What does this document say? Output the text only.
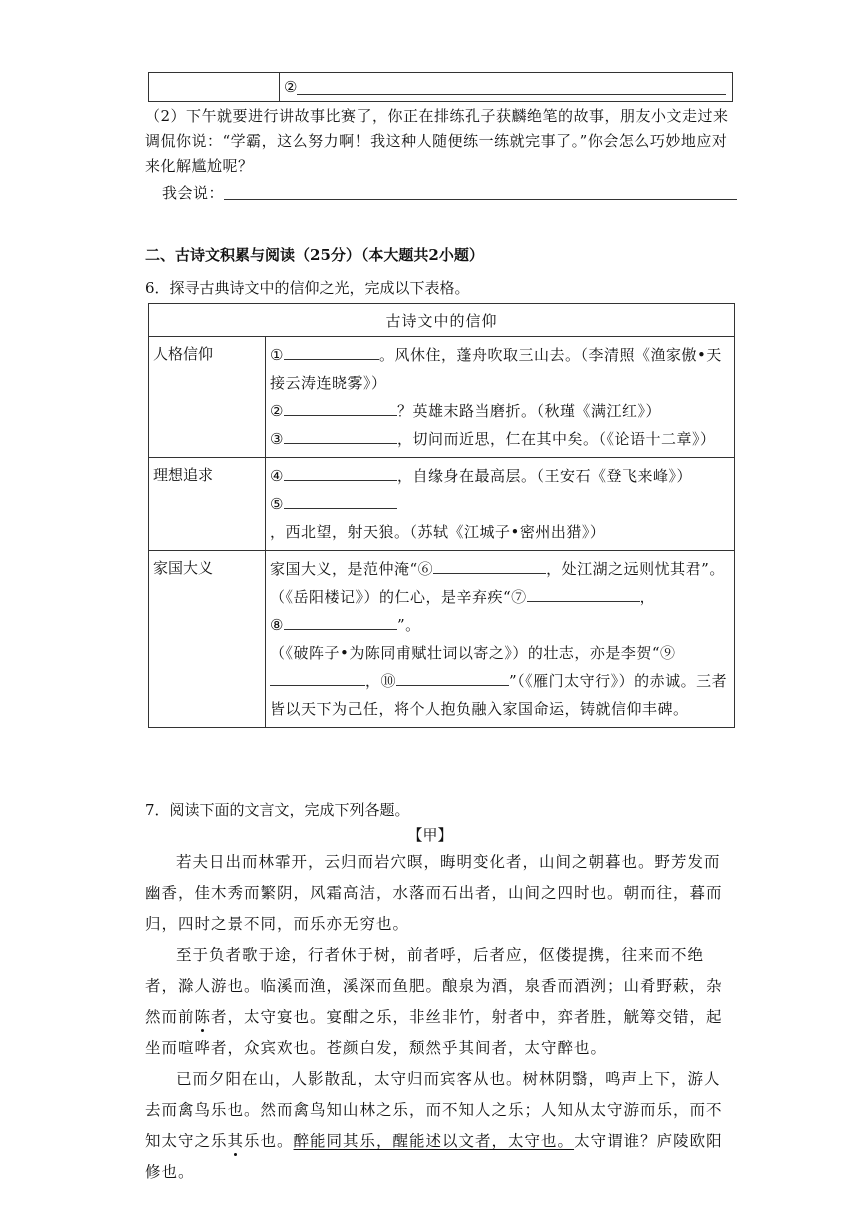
②
（2）下午就要进行讲故事比赛了，你正在排练孔子获麟绝笔的故事，朋友小文走过来调侃你说：“学霸，这么努力啊！我这种人随便练一练就完事了。”你会怎么巧妙地应对来化解尴尬呢？
我会说：
二、古诗文积累与阅读（25分）（本大题共2小题）
6．探寻古典诗文中的信仰之光，完成以下表格。
古诗文中的信仰	
人格信仰	① 。风休住，蓬舟吹取三山去。（李清照《渔家傲•天接云涛连晓雾》）
② ？英雄末路当磨折。（秋瑾《满江红》）
③ ，切问而近思，仁在其中矣。（《论语十二章》）
理想追求	④ ，自缘身在最高层。（王安石《登飞来峰》）
⑤，西北望，射天狼。（苏轼《江城子•密州出猎》）
家国大义	家国大义，是范仲淹“⑥ ，处江湖之远则忧其君”。
（《岳阳楼记》）的仁心，是辛弃疾“⑦ ，
⑧ ”。
（《破阵子•为陈同甫赋壮词以寄之》）的壮志，亦是李贺“⑨，⑩ ”（《雁门太守行》）的赤诚。三者皆以天下为己任，将个人抱负融入家国命运，铸就信仰丰碑。
7．阅读下面的文言文，完成下列各题。
【甲】

若夫日出而林霏开，云归而岩穴暝，晦明变化者，山间之朝暮也。野芳发而幽香，佳木秀而繁阴，风霜高洁，水落而石出者，山间之四时也。朝而往，暮而归，四时之景不同，而乐亦无穷也。

至于负者歌于途，行者休于树，前者呼，后者应，伛偻提携，往来而不绝者，滁人游也。临溪而渔，溪深而鱼肥。酿泉为酒，泉香而酒洌；山肴野蔌，杂然而前陈者，太守宴也。宴酣之乐，非丝非竹，射者中，弈者胜，觥筹交错，起坐而喧哗者，众宾欢也。苍颜白发，颓然乎其间者，太守醉也。

已而夕阳在山，人影散乱，太守归而宾客从也。树林阴翳，鸣声上下，游人去而禽鸟乐也。然而禽鸟知山林之乐，而不知人之乐；人知从太守游而乐，而不知太守之乐其乐也。醉能同其乐，醒能述以文者，太守也。太守谓谁？庐陵欧阳修也。
